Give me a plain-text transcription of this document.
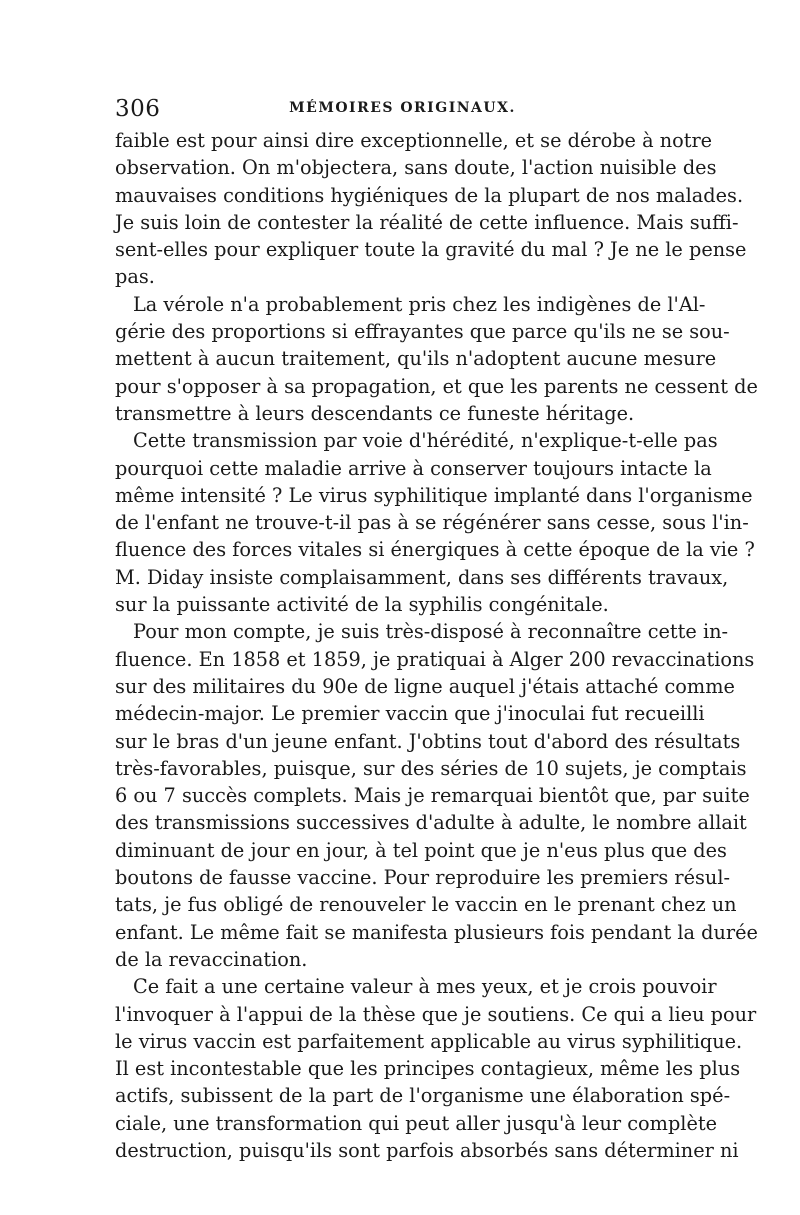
306	MÉMOIRES ORIGINAUX.
faible est pour ainsi dire exceptionnelle, et se dérobe à notre
observation. On m'objectera, sans doute, l'action nuisible des
mauvaises conditions hygiéniques de la plupart de nos malades.
Je suis loin de contester la réalité de cette influence. Mais suffi-
sent-elles pour expliquer toute la gravité du mal ? Je ne le pense
pas.
La vérole n'a probablement pris chez les indigènes de l'Al-
gérie des proportions si effrayantes que parce qu'ils ne se sou-
mettent à aucun traitement, qu'ils n'adoptent aucune mesure
pour s'opposer à sa propagation, et que les parents ne cessent de
transmettre à leurs descendants ce funeste héritage.
Cette transmission par voie d'hérédité, n'explique-t-elle pas
pourquoi cette maladie arrive à conserver toujours intacte la
même intensité ? Le virus syphilitique implanté dans l'organisme
de l'enfant ne trouve-t-il pas à se régénérer sans cesse, sous l'in-
fluence des forces vitales si énergiques à cette époque de la vie ?
M. Diday insiste complaisamment, dans ses différents travaux,
sur la puissante activité de la syphilis congénitale.
Pour mon compte, je suis très-disposé à reconnaître cette in-
fluence. En 1858 et 1859, je pratiquai à Alger 200 revaccinations
sur des militaires du 90e de ligne auquel j'étais attaché comme
médecin-major. Le premier vaccin que j'inoculai fut recueilli
sur le bras d'un jeune enfant. J'obtins tout d'abord des résultats
très-favorables, puisque, sur des séries de 10 sujets, je comptais
6 ou 7 succès complets. Mais je remarquai bientôt que, par suite
des transmissions successives d'adulte à adulte, le nombre allait
diminuant de jour en jour, à tel point que je n'eus plus que des
boutons de fausse vaccine. Pour reproduire les premiers résul-
tats, je fus obligé de renouveler le vaccin en le prenant chez un
enfant. Le même fait se manifesta plusieurs fois pendant la durée
de la revaccination.
Ce fait a une certaine valeur à mes yeux, et je crois pouvoir
l'invoquer à l'appui de la thèse que je soutiens. Ce qui a lieu pour
le virus vaccin est parfaitement applicable au virus syphilitique.
Il est incontestable que les principes contagieux, même les plus
actifs, subissent de la part de l'organisme une élaboration spé-
ciale, une transformation qui peut aller jusqu'à leur complète
destruction, puisqu'ils sont parfois absorbés sans déterminer ni
